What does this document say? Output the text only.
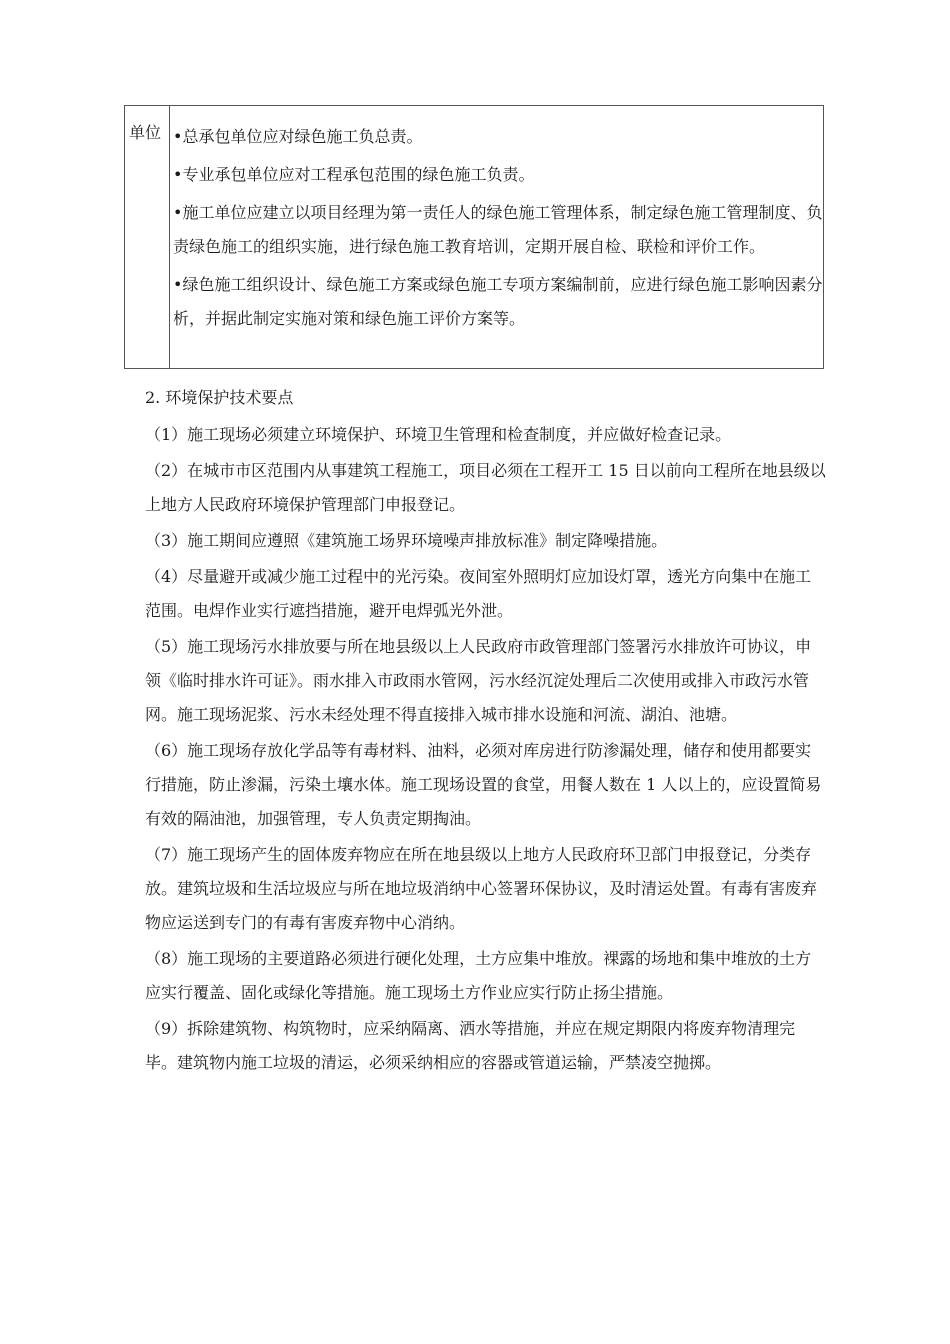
单位 •总承包单位应对绿色施工负总责。

•专业承包单位应对工程承包范围的绿色施工负责。

•施工单位应建立以项目经理为第一责任人的绿色施工管理体系，制定绿色施工管理制度、负责绿色施工的组织实施，进行绿色施工教育培训，定期开展自检、联检和评价工作。

•绿色施工组织设计、绿色施工方案或绿色施工专项方案编制前，应进行绿色施工影响因素分析，并据此制定实施对策和绿色施工评价方案等。

2. 环境保护技术要点

（1）施工现场必须建立环境保护、环境卫生管理和检查制度，并应做好检查记录。

（2）在城市市区范围内从事建筑工程施工，项目必须在工程开工 15 日以前向工程所在地县级以上地方人民政府环境保护管理部门申报登记。

（3）施工期间应遵照《建筑施工场界环境噪声排放标准》制定降噪措施。

（4）尽量避开或减少施工过程中的光污染。夜间室外照明灯应加设灯罩，透光方向集中在施工范围。电焊作业实行遮挡措施，避开电焊弧光外泄。

（5）施工现场污水排放要与所在地县级以上人民政府市政管理部门签署污水排放许可协议，申领《临时排水许可证》。雨水排入市政雨水管网，污水经沉淀处理后二次使用或排入市政污水管网。施工现场泥浆、污水未经处理不得直接排入城市排水设施和河流、湖泊、池塘。

（6）施工现场存放化学品等有毒材料、油料，必须对库房进行防渗漏处理，储存和使用都要实行措施，防止渗漏，污染土壤水体。施工现场设置的食堂，用餐人数在 1 人以上的，应设置简易有效的隔油池，加强管理，专人负责定期掏油。

（7）施工现场产生的固体废弃物应在所在地县级以上地方人民政府环卫部门申报登记，分类存放。建筑垃圾和生活垃圾应与所在地垃圾消纳中心签署环保协议，及时清运处置。有毒有害废弃物应运送到专门的有毒有害废弃物中心消纳。

（8）施工现场的主要道路必须进行硬化处理，土方应集中堆放。裸露的场地和集中堆放的土方应实行覆盖、固化或绿化等措施。施工现场土方作业应实行防止扬尘措施。

（9）拆除建筑物、构筑物时，应采纳隔离、洒水等措施，并应在规定期限内将废弃物清理完毕。建筑物内施工垃圾的清运，必须采纳相应的容器或管道运输，严禁凌空抛掷。
